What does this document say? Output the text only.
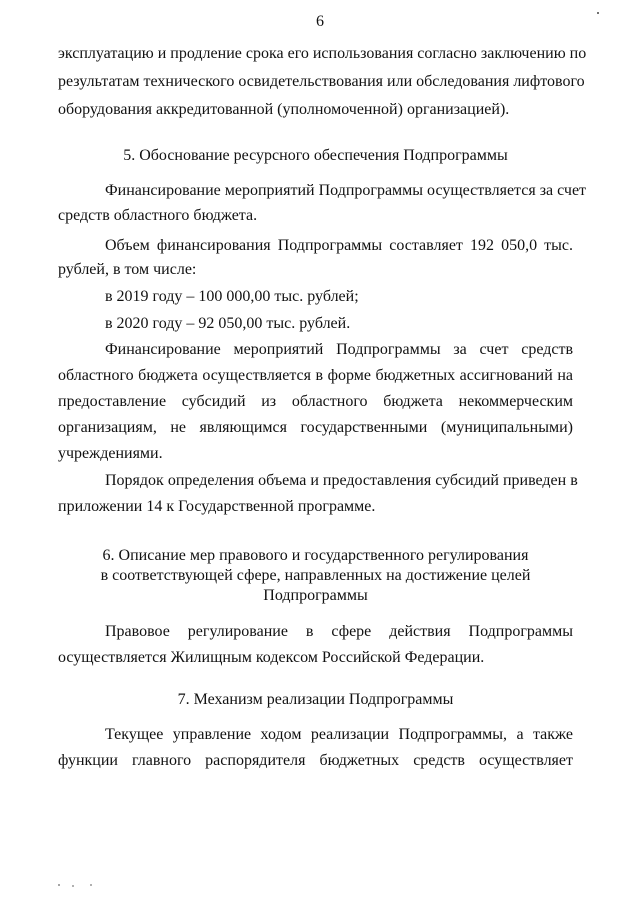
6
эксплуатацию и продление срока его использования согласно заключению по
результатам технического освидетельствования или обследования лифтового
оборудования аккредитованной (уполномоченной) организацией).
5. Обоснование ресурсного обеспечения Подпрограммы
Финансирование мероприятий Подпрограммы осуществляется за счет
средств областного бюджета.
Объем финансирования Подпрограммы составляет 192 050,0 тыс.
рублей, в том числе:
в 2019 году – 100 000,00 тыс. рублей;
в 2020 году – 92 050,00 тыс. рублей.
Финансирование мероприятий Подпрограммы за счет средств
областного бюджета осуществляется в форме бюджетных ассигнований на
предоставление субсидий из областного бюджета некоммерческим
организациям, не являющимся государственными (муниципальными)
учреждениями.
Порядок определения объема и предоставления субсидий приведен в
приложении 14 к Государственной программе.
6. Описание мер правового и государственного регулирования
в соответствующей сфере, направленных на достижение целей
Подпрограммы
Правовое регулирование в сфере действия Подпрограммы
осуществляется Жилищным кодексом Российской Федерации.
7. Механизм реализации Подпрограммы
Текущее управление ходом реализации Подпрограммы, а также
функции главного распорядителя бюджетных средств осуществляет
